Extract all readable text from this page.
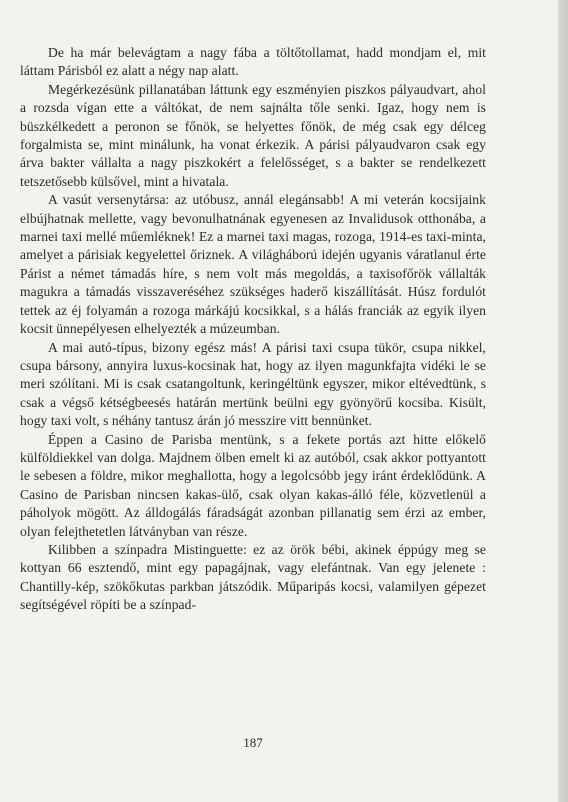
De ha már belevágtam a nagy fába a töltőtollamat, hadd mondjam el, mit láttam Párisból ez alatt a négy nap alatt.

Megérkezésünk pillanatában láttunk egy eszményien piszkos pályaudvart, ahol a rozsda vígan ette a váltókat, de nem sajnálta tőle senki. Igaz, hogy nem is büszkélkedett a peronon se főnök, se helyettes főnök, de még csak egy délceg forgalmista se, mint minálunk, ha vonat érkezik. A párisi pályaudvaron csak egy árva bakter vállalta a nagy piszkokért a felelősséget, s a bakter se rendelkezett tetszetősebb külsővel, mint a hivatala.

A vasút versenytársa: az utóbusz, annál elegánsabb! A mi veterán kocsijaink elbújhatnak mellette, vagy bevonulhatnának egyenesen az Invalidusok otthonába, a marnei taxi mellé műemléknek! Ez a marnei taxi magas, rozoga, 1914-es taxi-minta, amelyet a párisiak kegyelettel őriznek. A világháború idején ugyanis váratlanul érte Párist a német támadás híre, s nem volt más megoldás, a taxisofőrök vállalták magukra a támadás visszaveréséhez szükséges haderő kiszállítását. Húsz fordulót tettek az éj folyamán a rozoga márkájú kocsikkal, s a hálás franciák az egyik ilyen kocsit ünnepélyesen elhelyezték a múzeumban.

A mai autó-típus, bizony egész más! A párisi taxi csupa tükör, csupa nikkel, csupa bársony, annyira luxus-kocsinak hat, hogy az ilyen magunkfajta vidéki le se meri szólítani. Mi is csak csatangoltunk, keringéltünk egyszer, mikor eltévedtünk, s csak a végső kétségbeesés határán mertünk beülni egy gyönyörű kocsiba. Kisült, hogy taxi volt, s néhány tantusz árán jó messzire vitt bennünket.

Éppen a Casino de Parisba mentünk, s a fekete portás azt hitte előkelő külföldiekkel van dolga. Majdnem ölben emelt ki az autóból, csak akkor pottyantott le sebesen a földre, mikor meghallotta, hogy a legolcsóbb jegy iránt érdeklődünk. A Casino de Parisban nincsen kakas-ülő, csak olyan kakas-álló féle, közvetlenül a páholyok mögött. Az álldogálás fáradságát azonban pillanatig sem érzi az ember, olyan felejthetetlen látványban van része.

Kilibben a színpadra Mistinguette: ez az örök bébi, akinek éppúgy meg se kottyan 66 esztendő, mint egy papagájnak, vagy elefántnak. Van egy jelenete : Chantilly-kép, szökőkutas parkban játszódik. Műparipás kocsi, valamilyen gépezet segítségével röpíti be a színpad-

187
